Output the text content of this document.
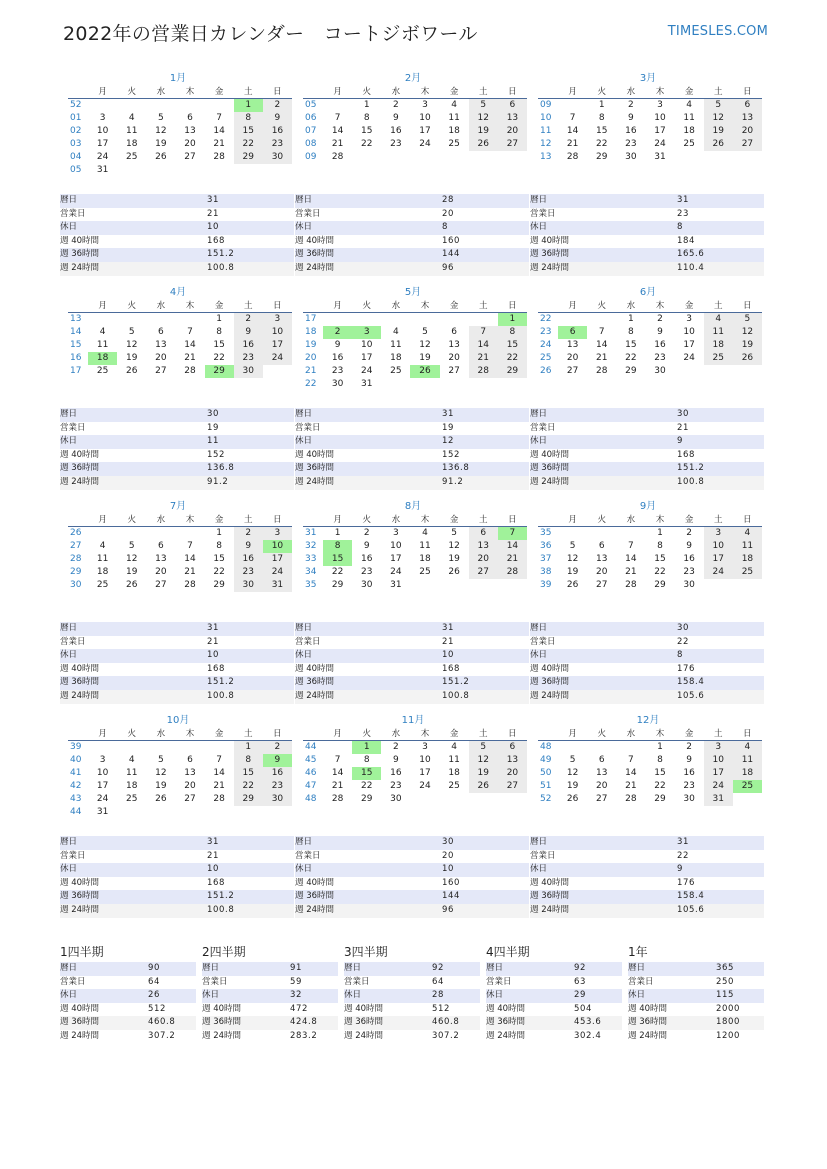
2022年の営業日カレンダー　コートジボワール	TIMESLES.COM
1月
	月	火	水	木	金	土	日
52						1	2
01	3	4	5	6	7	8	9
02	10	11	12	13	14	15	16
03	17	18	19	20	21	22	23
04	24	25	26	27	28	29	30
05	31						
暦日	31
営業日	21
休日	10
週 40時間	168
週 36時間	151.2
週 24時間	100.8
2月
	月	火	水	木	金	土	日
05		1	2	3	4	5	6
06	7	8	9	10	11	12	13
07	14	15	16	17	18	19	20
08	21	22	23	24	25	26	27
09	28						
暦日	28
営業日	20
休日	8
週 40時間	160
週 36時間	144
週 24時間	96
3月
	月	火	水	木	金	土	日
09		1	2	3	4	5	6
10	7	8	9	10	11	12	13
11	14	15	16	17	18	19	20
12	21	22	23	24	25	26	27
13	28	29	30	31			
暦日	31
営業日	23
休日	8
週 40時間	184
週 36時間	165.6
週 24時間	110.4
4月
	月	火	水	木	金	土	日
13					1	2	3
14	4	5	6	7	8	9	10
15	11	12	13	14	15	16	17
16	18	19	20	21	22	23	24
17	25	26	27	28	29	30	
暦日	30
営業日	19
休日	11
週 40時間	152
週 36時間	136.8
週 24時間	91.2
5月
	月	火	水	木	金	土	日
17							1
18	2	3	4	5	6	7	8
19	9	10	11	12	13	14	15
20	16	17	18	19	20	21	22
21	23	24	25	26	27	28	29
22	30	31					
暦日	31
営業日	19
休日	12
週 40時間	152
週 36時間	136.8
週 24時間	91.2
6月
	月	火	水	木	金	土	日
22			1	2	3	4	5
23	6	7	8	9	10	11	12
24	13	14	15	16	17	18	19
25	20	21	22	23	24	25	26
26	27	28	29	30			
暦日	30
営業日	21
休日	9
週 40時間	168
週 36時間	151.2
週 24時間	100.8
7月
	月	火	水	木	金	土	日
26					1	2	3
27	4	5	6	7	8	9	10
28	11	12	13	14	15	16	17
29	18	19	20	21	22	23	24
30	25	26	27	28	29	30	31
暦日	31
営業日	21
休日	10
週 40時間	168
週 36時間	151.2
週 24時間	100.8
8月
	月	火	水	木	金	土	日
31	1	2	3	4	5	6	7
32	8	9	10	11	12	13	14
33	15	16	17	18	19	20	21
34	22	23	24	25	26	27	28
35	29	30	31				
暦日	31
営業日	21
休日	10
週 40時間	168
週 36時間	151.2
週 24時間	100.8
9月
	月	火	水	木	金	土	日
35				1	2	3	4
36	5	6	7	8	9	10	11
37	12	13	14	15	16	17	18
38	19	20	21	22	23	24	25
39	26	27	28	29	30		
暦日	30
営業日	22
休日	8
週 40時間	176
週 36時間	158.4
週 24時間	105.6
10月
	月	火	水	木	金	土	日
39						1	2
40	3	4	5	6	7	8	9
41	10	11	12	13	14	15	16
42	17	18	19	20	21	22	23
43	24	25	26	27	28	29	30
44	31						
暦日	31
営業日	21
休日	10
週 40時間	168
週 36時間	151.2
週 24時間	100.8
11月
	月	火	水	木	金	土	日
44		1	2	3	4	5	6
45	7	8	9	10	11	12	13
46	14	15	16	17	18	19	20
47	21	22	23	24	25	26	27
48	28	29	30				
暦日	30
営業日	20
休日	10
週 40時間	160
週 36時間	144
週 24時間	96
12月
	月	火	水	木	金	土	日
48				1	2	3	4
49	5	6	7	8	9	10	11
50	12	13	14	15	16	17	18
51	19	20	21	22	23	24	25
52	26	27	28	29	30	31	
暦日	31
営業日	22
休日	9
週 40時間	176
週 36時間	158.4
週 24時間	105.6
1四半期
暦日	90
営業日	64
休日	26
週 40時間	512
週 36時間	460.8
週 24時間	307.2
2四半期
暦日	91
営業日	59
休日	32
週 40時間	472
週 36時間	424.8
週 24時間	283.2
3四半期
暦日	92
営業日	64
休日	28
週 40時間	512
週 36時間	460.8
週 24時間	307.2
4四半期
暦日	92
営業日	63
休日	29
週 40時間	504
週 36時間	453.6
週 24時間	302.4
1年
暦日	365
営業日	250
休日	115
週 40時間	2000
週 36時間	1800
週 24時間	1200
